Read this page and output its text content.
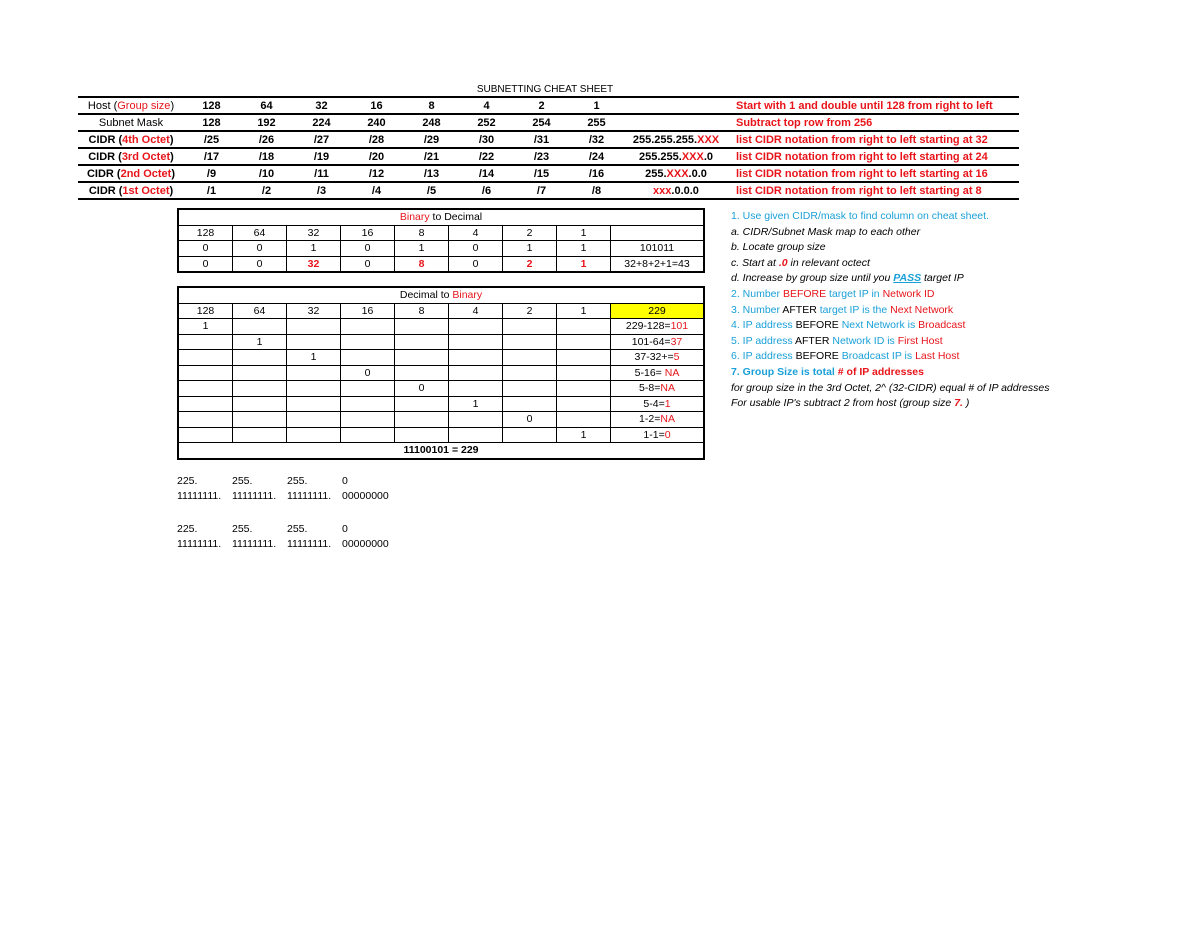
SUBNETTING CHEAT SHEET
Host (Group size)	128	64	32	16	8	4	2	1		Start with 1 and double until 128 from right to left
Subnet Mask	128	192	224	240	248	252	254	255		Subtract top row from 256
CIDR (4th Octet)	/25	/26	/27	/28	/29	/30	/31	/32	255.255.255.XXX	list CIDR notation from right to left starting at 32
CIDR (3rd Octet)	/17	/18	/19	/20	/21	/22	/23	/24	255.255.XXX.0	list CIDR notation from right to left starting at 24
CIDR (2nd Octet)	/9	/10	/11	/12	/13	/14	/15	/16	255.XXX.0.0	list CIDR notation from right to left starting at 16
CIDR (1st Octet)	/1	/2	/3	/4	/5	/6	/7	/8	xxx.0.0.0	list CIDR notation from right to left starting at 8
Binary to Decimal								
128	64	32	16	8	4	2	1	
0	0	1	0	1	0	1	1	101011
0	0	32	0	8	0	2	1	32+8+2+1=43
Decimal to Binary								
128	64	32	16	8	4	2	1	229
1								229-128=101
	1							101-64=37
		1						37-32+=5
			0					5-16= NA
				0				5-8=NA
					1			5-4=1
						0		1-2=NA
							1	1-1=0
11100101 = 229								
1. Use given CIDR/mask to find column on cheat sheet.
a. CIDR/Subnet Mask map to each other
b. Locate group size
c. Start at .0 in relevant octect
d. Increase by group size until you PASS target IP
2. Number BEFORE target IP in Network ID
3. Number AFTER target IP is the Next Network
4. IP address BEFORE Next Network is Broadcast
5. IP address AFTER Network ID is First Host
6. IP address BEFORE Broadcast IP is Last Host
7. Group Size is total # of IP addresses
for group size in the 3rd Octet, 2^ (32-CIDR) equal # of IP addresses
For usable IP's subtract 2 from host (group size 7. )
225.	255.	255.	0
11111111. 11111111. 11111111. 00000000
225.	255.	255.	0
11111111. 11111111. 11111111. 00000000
